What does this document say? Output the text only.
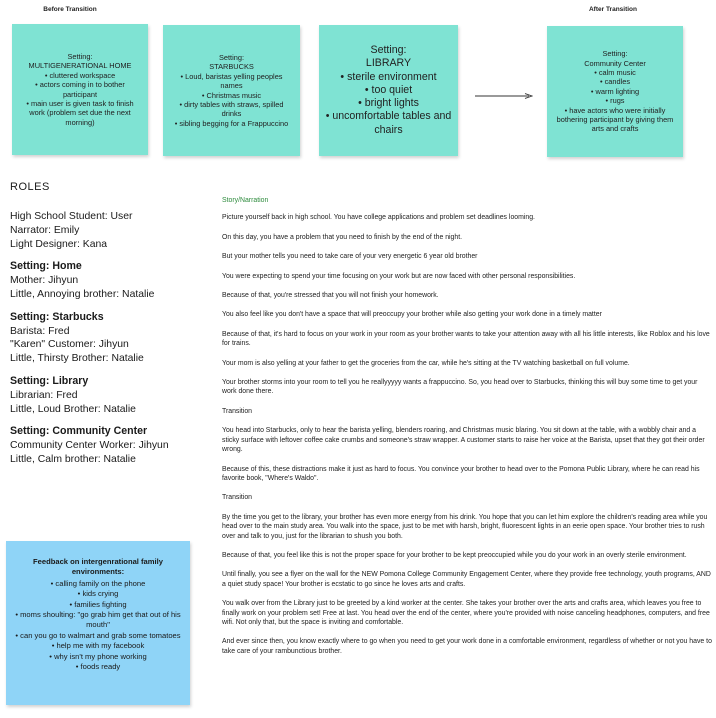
Before Transition	After Transition
Setting:
MULTIGENERATIONAL HOME
• cluttered workspace
• actors coming in to bother participant
• main user is given task to finish work (problem set due the next morning)
Setting:
STARBUCKS
• Loud, baristas yelling peoples names
• Christmas music
• dirty tables with straws, spilled drinks
• sibling begging for a Frappuccino
Setting:
LIBRARY
• sterile environment
• too quiet
• bright lights
• uncomfortable tables and chairs
Setting:
Community Center
• calm music
• candles
• warm lighting
• rugs
• have actors who were initially bothering participant by giving them arts and crafts
ROLES
High School Student: User
Narrator: Emily
Light Designer: Kana
Setting: Home
Mother: Jihyun
Little, Annoying brother: Natalie
Setting: Starbucks
Barista: Fred
"Karen" Customer: Jihyun
Little, Thirsty Brother: Natalie
Setting: Library
Librarian: Fred
Little, Loud Brother: Natalie
Setting: Community Center
Community Center Worker: Jihyun
Little, Calm brother: Natalie
Feedback on intergenrational family environments:
• calling family on the phone
• kids crying
• families fighting
• moms shoulting: "go grab him get that out of his mouth"
• can you go to walmart and grab some tomatoes
• help me with my facebook
• why isn't my phone working
• foods ready
Story/Narration

Picture yourself back in high school. You have college applications and problem set deadlines looming.

On this day, you have a problem that you need to finish by the end of the night.

But your mother tells you need to take care of your very energetic 6 year old brother

You were expecting to spend your time focusing on your work but are now faced with other personal responsibilities.

Because of that, you're stressed that you will not finish your homework.

You also feel like you don't have a space that will preoccupy your brother while also getting your work done in a timely matter

Because of that, it's hard to focus on your work in your room as your brother wants to take your attention away with all his little interests, like Roblox and his love for trains.

Your mom is also yelling at your father to get the groceries from the car, while he's sitting at the TV watching basketball on full volume.

Your brother storms into your room to tell you he reallyyyyy wants a frappuccino. So, you head over to Starbucks, thinking this will buy some time to get your work done there.

Transition

You head into Starbucks, only to hear the barista yelling, blenders roaring, and Christmas music blaring. You sit down at the table, with a wobbly chair and a sticky surface with leftover coffee cake crumbs and someone's straw wrapper. A customer starts to raise her voice at the Barista, upset that they got their order wrong.

Because of this, these distractions make it just as hard to focus. You convince your brother to head over to the Pomona Public Library, where he can read his favorite book, "Where's Waldo".

Transition

By the time you get to the library, your brother has even more energy from his drink. You hope that you can let him explore the children's reading area while you head over to the main study area. You walk into the space, just to be met with harsh, bright, fluorescent lights in an eerie open space. Your brother tries to rush over and talk to you, just for the librarian to shush you both.

Because of that, you feel like this is not the proper space for your brother to be kept preoccupied while you do your work in an overly sterile environment.

Until finally, you see a flyer on the wall for the NEW Pomona College Community Engagement Center, where they provide free technology, youth programs, AND a quiet study space! Your brother is ecstatic to go since he loves arts and crafts.

You walk over from the Library just to be greeted by a kind worker at the center. She takes your brother over the arts and crafts area, which leaves you free to finally work on your problem set! Free at last. You head over the end of the center, where you're provided with noise canceling headphones, computers, and free wifi. Not only that, but the space is inviting and comfortable.

And ever since then, you know exactly where to go when you need to get your work done in a comfortable environment, regardless of whether or not you have to take care of your rambunctious brother.
